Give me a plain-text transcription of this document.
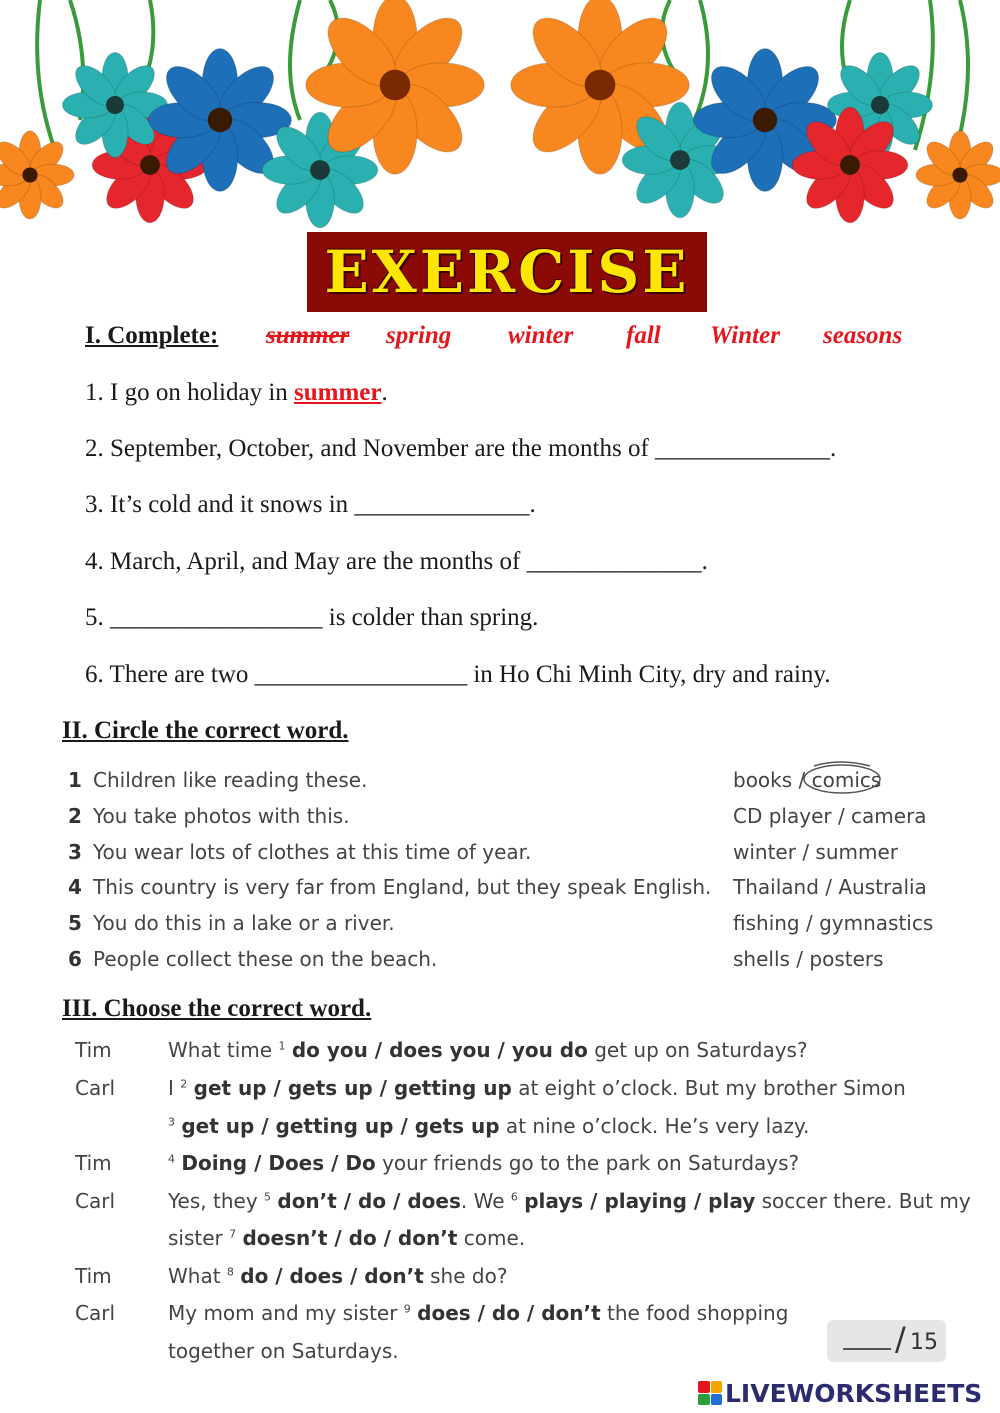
EXERCISE
I. Complete: summer spring winter fall Winter seasons
1. I go on holiday in summer.
2. September, October, and November are the months of ______________.
3. It’s cold and it snows in ______________.
4. March, April, and May are the months of ______________.
5. _________________ is colder than spring.
6. There are two _________________ in Ho Chi Minh City, dry and rainy.
II. Circle the correct word.
1 Children like reading these.	books / comics
2 You take photos with this.	CD player / camera
3 You wear lots of clothes at this time of year.	winter / summer
4 This country is very far from England, but they speak English. Thailand / Australia
5 You do this in a lake or a river.	fishing / gymnastics
6 People collect these on the beach.	shells / posters
III. Choose the correct word.
Tim	What time $^1$ do you / does you / you do get up on Saturdays?
Carl	I $^2$ get up / gets up / getting up at eight o’clock. But my brother Simon
$^3$ get up / getting up / gets up at nine o’clock. He’s very lazy.
Tim	$^4$ Doing / Does / Do your friends go to the park on Saturdays?
Carl	Yes, they $^5$ don’t / do / does. We $^6$ plays / playing / play soccer there. But my
sister $^7$ doesn’t / do / don’t come.
Tim	What $^8$ do / does / don’t she do?
Carl	My mom and my sister $^9$ does / do / don’t the food shopping
together on Saturdays.	/ 15
LIVEWORKSHEETS
